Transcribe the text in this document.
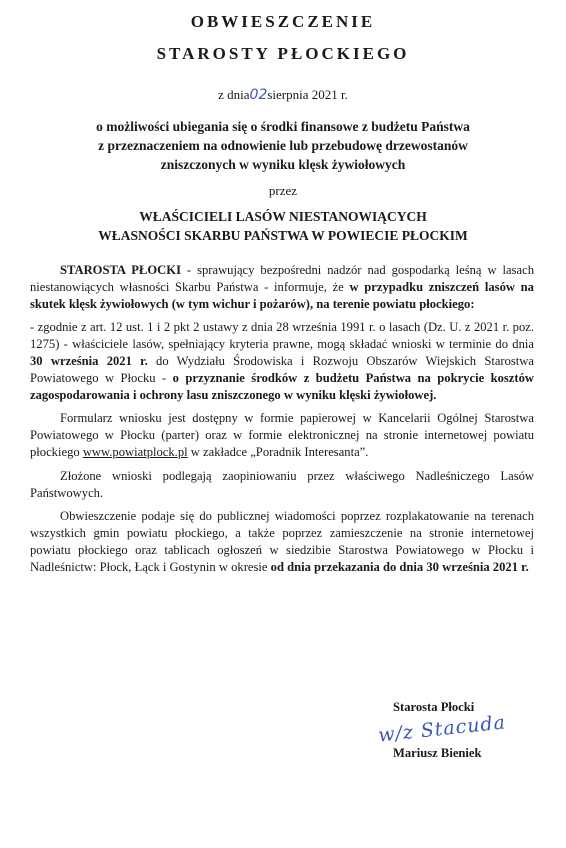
OBWIESZCZENIE
STAROSTY PŁOCKIEGO
z dnia02sierpnia 2021 r.
o możliwości ubiegania się o środki finansowe z budżetu Państwa
z przeznaczeniem na odnowienie lub przebudowę drzewostanów
zniszczonych w wyniku klęsk żywiołowych
przez
WŁAŚCICIELI LASÓW NIESTANOWIĄCYCH
WŁASNOŚCI SKARBU PAŃSTWA W POWIECIE PŁOCKIM

STAROSTA PŁOCKI - sprawujący bezpośredni nadzór nad gospodarką leśną w lasach niestanowiących własności Skarbu Państwa - informuje, że w przypadku zniszczeń lasów na skutek klęsk żywiołowych (w tym wichur i pożarów), na terenie powiatu płockiego:

- zgodnie z art. 12 ust. 1 i 2 pkt 2 ustawy z dnia 28 września 1991 r. o lasach (Dz. U. z 2021 r. poz. 1275) - właściciele lasów, spełniający kryteria prawne, mogą składać wnioski w terminie do dnia 30 września 2021 r. do Wydziału Środowiska i Rozwoju Obszarów Wiejskich Starostwa Powiatowego w Płocku - o przyznanie środków z budżetu Państwa na pokrycie kosztów zagospodarowania i ochrony lasu zniszczonego w wyniku klęski żywiołowej.

Formularz wniosku jest dostępny w formie papierowej w Kancelarii Ogólnej Starostwa Powiatowego w Płocku (parter) oraz w formie elektronicznej na stronie internetowej powiatu płockiego www.powiatplock.pl w zakładce „Poradnik Interesanta”.

Złożone wnioski podlegają zaopiniowaniu przez właściwego Nadleśniczego Lasów Państwowych.

Obwieszczenie podaje się do publicznej wiadomości poprzez rozplakatowanie na terenach wszystkich gmin powiatu płockiego, a także poprzez zamieszczenie na stronie internetowej powiatu płockiego oraz tablicach ogłoszeń w siedzibie Starostwa Powiatowego w Płocku i Nadleśnictw: Płock, Łąck i Gostynin w okresie od dnia przekazania do dnia 30 września 2021 r.

Starosta Płocki
w/z Stacuda
Mariusz Bieniek
